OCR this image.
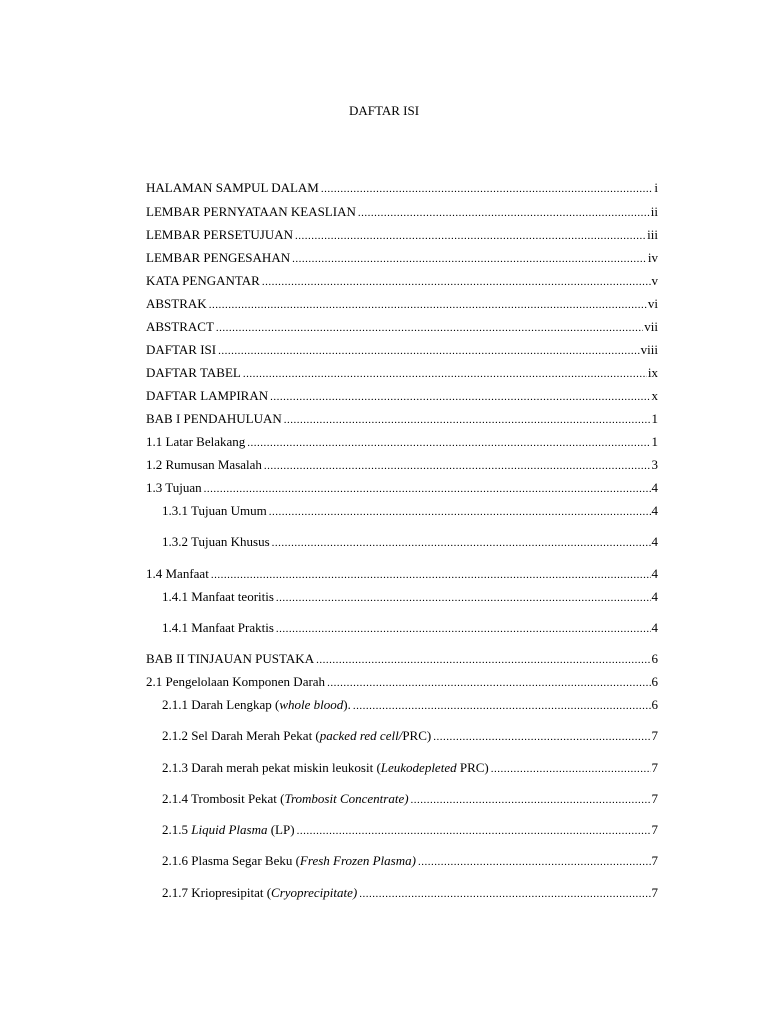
DAFTAR ISI
HALAMAN SAMPUL DALAM .....	i
LEMBAR PERNYATAAN KEASLIAN .....	ii
LEMBAR PERSETUJUAN .....	iii
LEMBAR PENGESAHAN .....	iv
KATA PENGANTAR .....	v
ABSTRAK .....	vi
ABSTRACT .....	vii
DAFTAR ISI .....	viii
DAFTAR TABEL .....	ix
DAFTAR LAMPIRAN .....	x
BAB I PENDAHULUAN .....	1
1.1 Latar Belakang .....	1
1.2 Rumusan Masalah .....	3
1.3 Tujuan .....	4
1.3.1 Tujuan Umum .....	4
1.3.2 Tujuan Khusus .....	4
1.4 Manfaat .....	4
1.4.1 Manfaat teoritis .....	4
1.4.1 Manfaat Praktis .....	4
BAB II TINJAUAN PUSTAKA .....	6
2.1 Pengelolaan Komponen Darah .....	6
2.1.1 Darah Lengkap (whole blood). .....	6
2.1.2 Sel Darah Merah Pekat (packed red cell/PRC) .....	7
2.1.3 Darah merah pekat miskin leukosit (Leukodepleted PRC) .....	7
2.1.4 Trombosit Pekat (Trombosit Concentrate) .....	7
2.1.5 Liquid Plasma (LP) .....	7
2.1.6 Plasma Segar Beku (Fresh Frozen Plasma) .....	7
2.1.7 Kriopresipitat (Cryoprecipitate) .....	7
